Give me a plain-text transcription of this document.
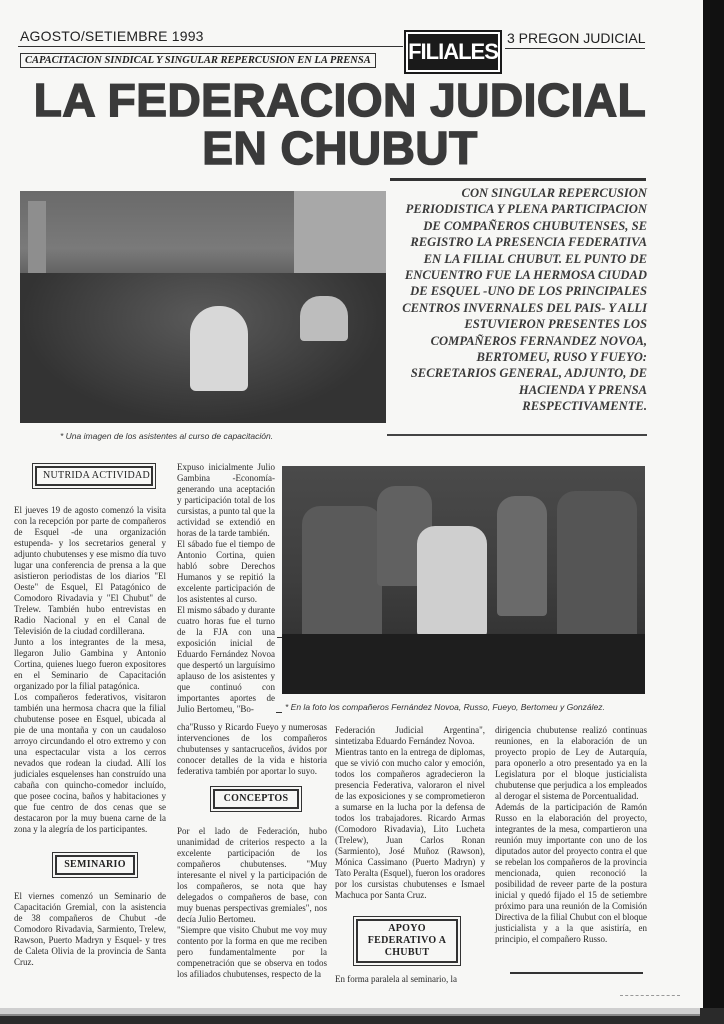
AGOSTO/SETIEMBRE 1993
FILIALES
3 PREGON JUDICIAL
CAPACITACION SINDICAL Y SINGULAR REPERCUSION EN LA PRENSA
LA FEDERACION JUDICIAL
EN CHUBUT
* Una imagen de los asistentes al curso de capacitación.
CON SINGULAR REPERCUSION PERIODISTICA Y PLENA PARTICIPACION DE COMPAÑEROS CHUBUTENSES, SE REGISTRO LA PRESENCIA FEDERATIVA EN LA FILIAL CHUBUT. EL PUNTO DE ENCUENTRO FUE LA HERMOSA CIUDAD DE ESQUEL -UNO DE LOS PRINCIPALES CENTROS INVERNALES DEL PAIS- Y ALLI ESTUVIERON PRESENTES LOS COMPAÑEROS FERNANDEZ NOVOA, BERTOMEU, RUSO Y FUEYO: SECRETARIOS GENERAL, ADJUNTO, DE HACIENDA Y PRENSA RESPECTIVAMENTE.
NUTRIDA ACTIVIDAD

El jueves 19 de agosto comenzó la visita con la recepción por parte de compañeros de Esquel -de una organización estupenda- y los secretarios general y adjunto chubutenses y ese mismo día tuvo lugar una conferencia de prensa a la que asistieron periodistas de los diarios "El Oeste" de Esquel, El Patagónico de Comodoro Rivadavia y "El Chubut" de Trelew. También hubo entrevistas en Radio Nacional y en el Canal de Televisión de la ciudad cordillerana.

Junto a los integrantes de la mesa, llegaron Julio Gambina y Antonio Cortina, quienes luego fueron expositores en el Seminario de Capacitación organizado por la filial patagónica.

Los compañeros federativos, visitaron también una hermosa chacra que la filial chubutense posee en Esquel, ubicada al pie de una montaña y con un caudaloso arroyo circundando el otro extremo y con una espectacular vista a los cerros nevados que rodean la ciudad. Allí los judiciales esquelenses han construído una cabaña con quincho-comedor incluído, que posee cocina, baños y habitaciones y que fue centro de dos cenas que se destacaron por la muy buena carne de la zona y la alegría de los participantes.

SEMINARIO

El viernes comenzó un Seminario de Capacitación Gremial, con la asistencia de 38 compañeros de Chubut -de Comodoro Rivadavia, Sarmiento, Trelew, Rawson, Puerto Madryn y Esquel- y tres de Caleta Olivia de la provincia de Santa Cruz.

Expuso inicialmente Julio Gambina -Economía- generando una aceptación y participación total de los cursistas, a punto tal que la actividad se extendió en horas de la tarde también.

El sábado fue el tiempo de Antonio Cortina, quien habló sobre Derechos Humanos y se repitió la excelente participación de los asistentes al curso.

El mismo sábado y durante cuatro horas fue el turno de la FJA con una exposición inicial de Eduardo Fernández Novoa que despertó un larguísimo aplauso de los asistentes y que continuó con importantes aportes de Julio Bertomeu, "Bo-	* En la foto los compañeros Fernández Novoa, Russo, Fueyo, Bertomeu y González.

cha"Russo y Ricardo Fueyo y numerosas intervenciones de los compañeros chubutenses y santacruceños, ávidos por conocer detalles de la vida e historia federativa también por aportar lo suyo.

CONCEPTOS

Por el lado de Federación, hubo unanimidad de criterios respecto a la excelente participación de los compañeros chubutenses. "Muy interesante el nivel y la participación de los compañeros, se nota que hay delegados o compañeros de base, con muy buenas perspectivas gremiales", nos decía Julio Bertomeu.

"Siempre que visito Chubut me voy muy contento por la forma en que me reciben pero fundamentalmente por la compenetración que se observa en todos los afiliados chubutenses, respecto de la

Federación Judicial Argentina", sintetizaba Eduardo Fernández Novoa.

Mientras tanto en la entrega de diplomas, que se vivió con mucho calor y emoción, todos los compañeros agradecieron la presencia Federativa, valoraron el nivel de las exposiciones y se comprometieron a sumarse en la lucha por la defensa de todos los trabajadores. Ricardo Armas (Comodoro Rivadavia), Lito Lucheta (Trelew), Juan Carlos Ronan (Sarmiento), José Muñoz (Rawson), Mónica Cassimano (Puerto Madryn) y Tato Peralta (Esquel), fueron los oradores por los cursistas chubutenses e Ismael Machuca por Santa Cruz.

APOYO FEDERATIVO A CHUBUT

En forma paralela al seminario, la

dirigencia chubutense realizó continuas reuniones, en la elaboración de un proyecto propio de Ley de Autarquía, para oponerlo a otro presentado ya en la Legislatura por el bloque justicialista chubutense que perjudica a los empleados al derogar el sistema de Porcentualidad.

Además de la participación de Ramón Russo en la elaboración del proyecto, integrantes de la mesa, compartieron una reunión muy importante con uno de los diputados autor del proyecto contra el que se rebelan los compañeros de la provincia mencionada, quien reconoció la posibilidad de reveer parte de la postura inicial y quedó fijado el 15 de setiembre próximo para una reunión de la Comisión Directiva de la filial Chubut con el bloque justicialista y a la que asistiría, en principio, el compañero Russo.
